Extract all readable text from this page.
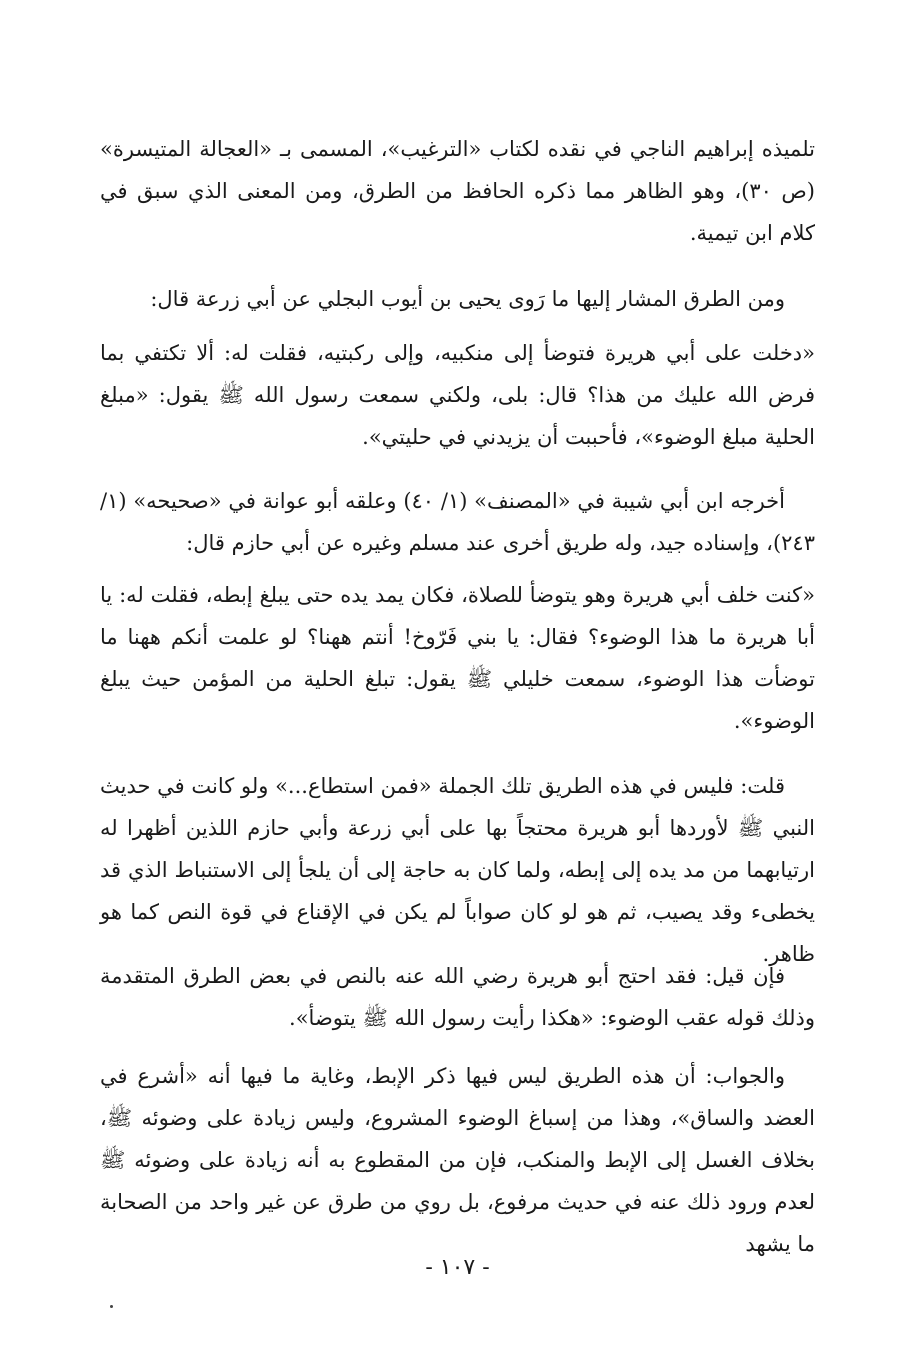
تلميذه إبراهيم الناجي في نقده لكتاب «الترغيب»، المسمى بـ «العجالة المتيسرة» (ص ٣٠)، وهو الظاهر مما ذكره الحافظ من الطرق، ومن المعنى الذي سبق في كلام ابن تيمية.

ومن الطرق المشار إليها ما رَوى يحيى بن أيوب البجلي عن أبي زرعة قال:

«دخلت على أبي هريرة فتوضأ إلى منكبيه، وإلى ركبتيه، فقلت له: ألا تكتفي بما فرض الله عليك من هذا؟ قال: بلى، ولكني سمعت رسول الله ﷺ يقول: «مبلغ الحلية مبلغ الوضوء»، فأحببت أن يزيدني في حليتي».

أخرجه ابن أبي شيبة في «المصنف» (١/ ٤٠) وعلقه أبو عوانة في «صحيحه» (١/ ٢٤٣)، وإسناده جيد، وله طريق أخرى عند مسلم وغيره عن أبي حازم قال:

«كنت خلف أبي هريرة وهو يتوضأ للصلاة، فكان يمد يده حتى يبلغ إبطه، فقلت له: يا أبا هريرة ما هذا الوضوء؟ فقال: يا بني فَرّوخ! أنتم ههنا؟ لو علمت أنكم ههنا ما توضأت هذا الوضوء، سمعت خليلي ﷺ يقول: تبلغ الحلية من المؤمن حيث يبلغ الوضوء».

قلت: فليس في هذه الطريق تلك الجملة «فمن استطاع...» ولو كانت في حديث النبي ﷺ لأوردها أبو هريرة محتجاً بها على أبي زرعة وأبي حازم اللذين أظهرا له ارتيابهما من مد يده إلى إبطه، ولما كان به حاجة إلى أن يلجأ إلى الاستنباط الذي قد يخطىء وقد يصيب، ثم هو لو كان صواباً لم يكن في الإقناع في قوة النص كما هو ظاهر.

فإن قيل: فقد احتج أبو هريرة رضي الله عنه بالنص في بعض الطرق المتقدمة وذلك قوله عقب الوضوء: «هكذا رأيت رسول الله ﷺ يتوضأ».

والجواب: أن هذه الطريق ليس فيها ذكر الإبط، وغاية ما فيها أنه «أشرع في العضد والساق»، وهذا من إسباغ الوضوء المشروع، وليس زيادة على وضوئه ﷺ، بخلاف الغسل إلى الإبط والمنكب، فإن من المقطوع به أنه زيادة على وضوئه ﷺ لعدم ورود ذلك عنه في حديث مرفوع، بل روي من طرق عن غير واحد من الصحابة ما يشهد

- ١٠٧ -
